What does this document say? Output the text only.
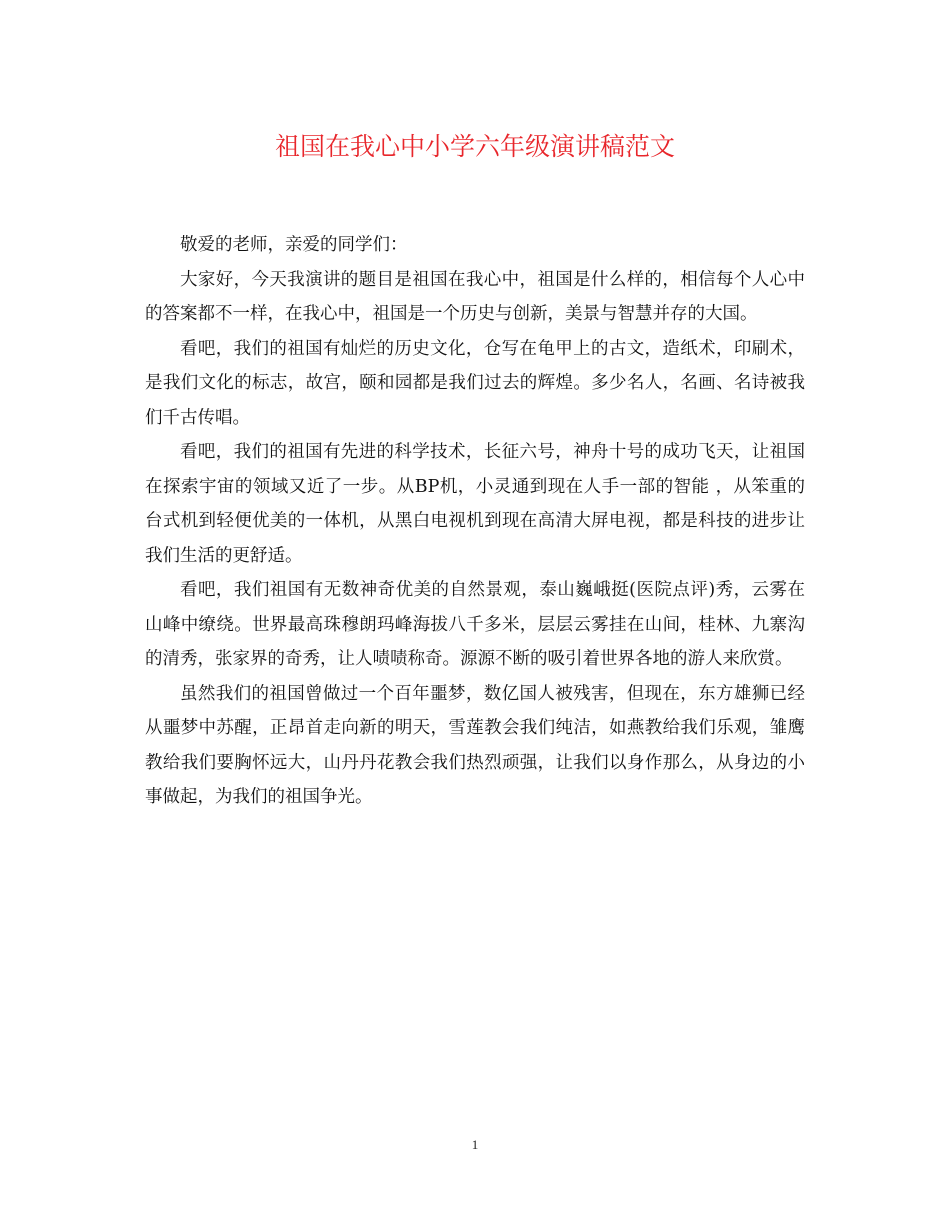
祖国在我心中小学六年级演讲稿范文

敬爱的老师，亲爱的同学们：

大家好，今天我演讲的题目是祖国在我心中，祖国是什么样的，相信每个人心中的答案都不一样，在我心中，祖国是一个历史与创新，美景与智慧并存的大国。

看吧，我们的祖国有灿烂的历史文化，仓写在龟甲上的古文，造纸术，印刷术，是我们文化的标志，故宫，颐和园都是我们过去的辉煌。多少名人，名画、名诗被我们千古传唱。

看吧，我们的祖国有先进的科学技术，长征六号，神舟十号的成功飞天，让祖国在探索宇宙的领域又近了一步。从BP机，小灵通到现在人手一部的智能 ，从笨重的台式机到轻便优美的一体机，从黑白电视机到现在高清大屏电视，都是科技的进步让我们生活的更舒适。

看吧，我们祖国有无数神奇优美的自然景观，泰山巍峨挺(医院点评)秀，云雾在山峰中缭绕。世界最高珠穆朗玛峰海拔八千多米，层层云雾挂在山间，桂林、九寨沟的清秀，张家界的奇秀，让人啧啧称奇。源源不断的吸引着世界各地的游人来欣赏。

虽然我们的祖国曾做过一个百年噩梦，数亿国人被残害，但现在，东方雄狮已经从噩梦中苏醒，正昂首走向新的明天，雪莲教会我们纯洁，如燕教给我们乐观，雏鹰教给我们要胸怀远大，山丹丹花教会我们热烈顽强，让我们以身作那么，从身边的小事做起，为我们的祖国争光。

1
